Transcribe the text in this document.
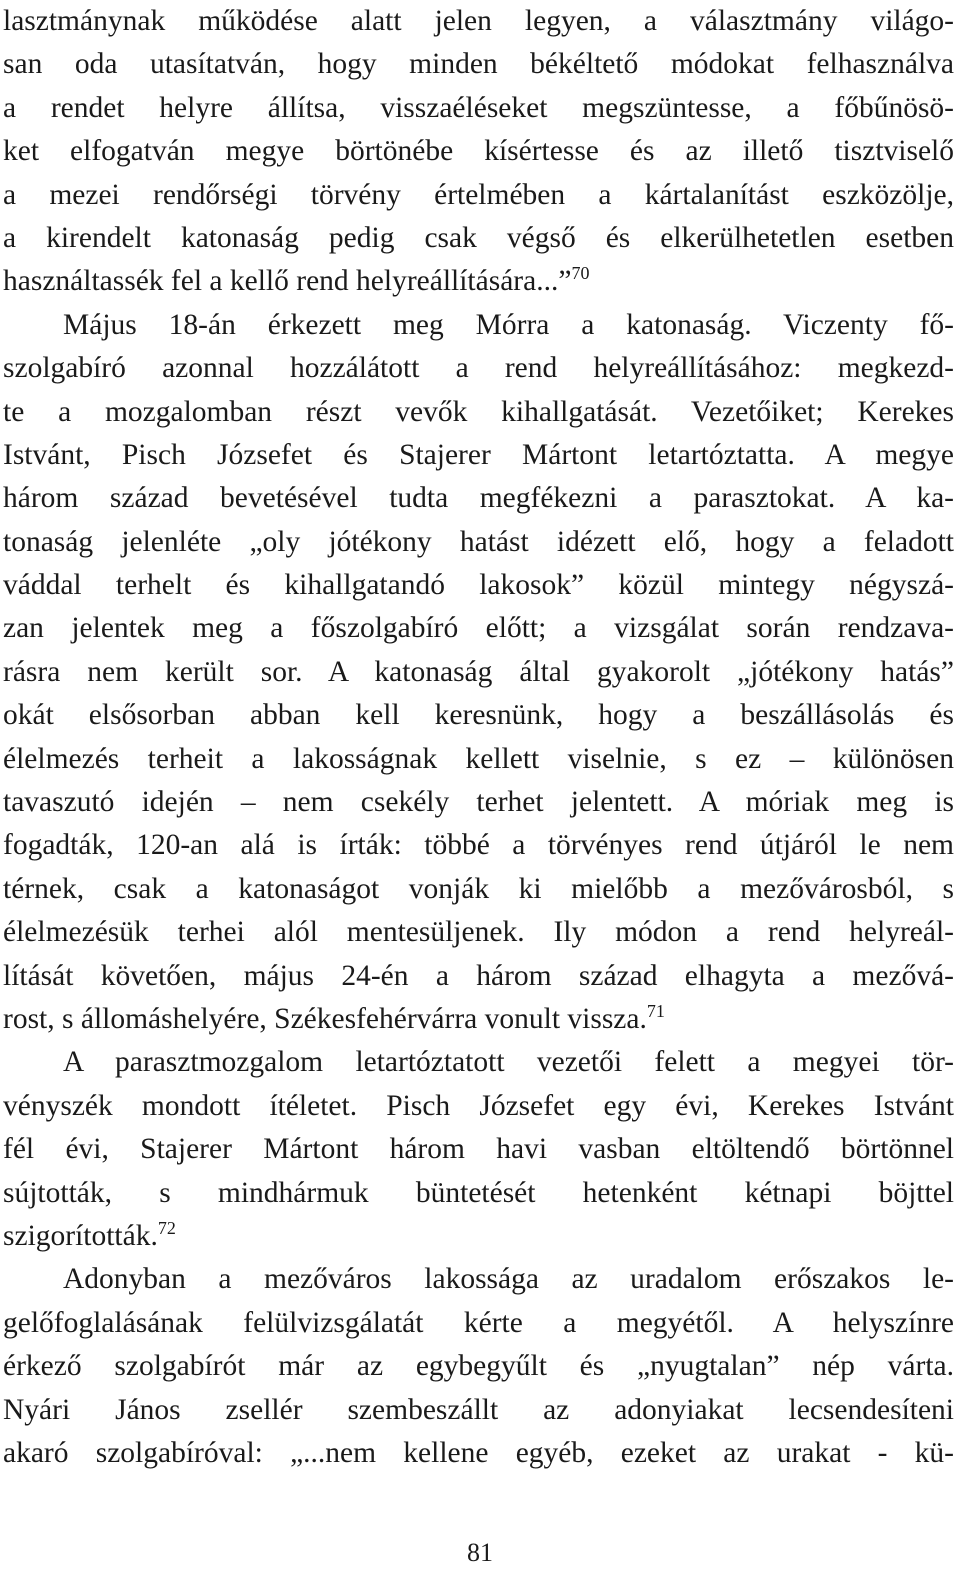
lasztmánynak működése alatt jelen legyen, a választmány világo-
san oda utasítatván, hogy minden békéltető módokat felhasználva
a rendet helyre állítsa, visszaéléseket megszüntesse, a főbűnösö-
ket elfogatván megye börtönébe kísértesse és az illető tisztviselő
a mezei rendőrségi törvény értelmében a kártalanítást eszközölje,
a kirendelt katonaság pedig csak végső és elkerülhetetlen esetben
használtassék fel a kellő rend helyreállítására...”$^{70}$
Május 18-án érkezett meg Mórra a katonaság. Viczenty fő-
szolgabíró azonnal hozzálátott a rend helyreállításához: megkezd-
te a mozgalomban részt vevők kihallgatását. Vezetőiket; Kerekes
Istvánt, Pisch Józsefet és Stajerer Mártont letartóztatta. A megye
három század bevetésével tudta megfékezni a parasztokat. A ka-
tonaság jelenléte „oly jótékony hatást idézett elő, hogy a feladott
váddal terhelt és kihallgatandó lakosok” közül mintegy négyszá-
zan jelentek meg a főszolgabíró előtt; a vizsgálat során rendzava-
rásra nem került sor. A katonaság által gyakorolt „jótékony hatás”
okát elsősorban abban kell keresnünk, hogy a beszállásolás és
élelmezés terheit a lakosságnak kellett viselnie, s ez – különösen
tavaszutó idején – nem csekély terhet jelentett. A móriak meg is
fogadták, 120-an alá is írták: többé a törvényes rend útjáról le nem
térnek, csak a katonaságot vonják ki mielőbb a mezővárosból, s
élelmezésük terhei alól mentesüljenek. Ily módon a rend helyreál-
lítását követően, május 24-én a három század elhagyta a mezővá-
rost, s állomáshelyére, Székesfehérvárra vonult vissza.$^{71}$
A parasztmozgalom letartóztatott vezetői felett a megyei tör-
vényszék mondott ítéletet. Pisch Józsefet egy évi, Kerekes Istvánt
fél évi, Stajerer Mártont három havi vasban eltöltendő börtönnel
sújtották, s mindhármuk büntetését hetenként kétnapi böjttel
szigorították.$^{72}$
Adonyban a mezőváros lakossága az uradalom erőszakos le-
gelőfoglalásának felülvizsgálatát kérte a megyétől. A helyszínre
érkező szolgabírót már az egybegyűlt és „nyugtalan” nép várta.
Nyári János zsellér szembeszállt az adonyiakat lecsendesíteni
akaró szolgabíróval: „...nem kellene egyéb, ezeket az urakat - kü-
81
